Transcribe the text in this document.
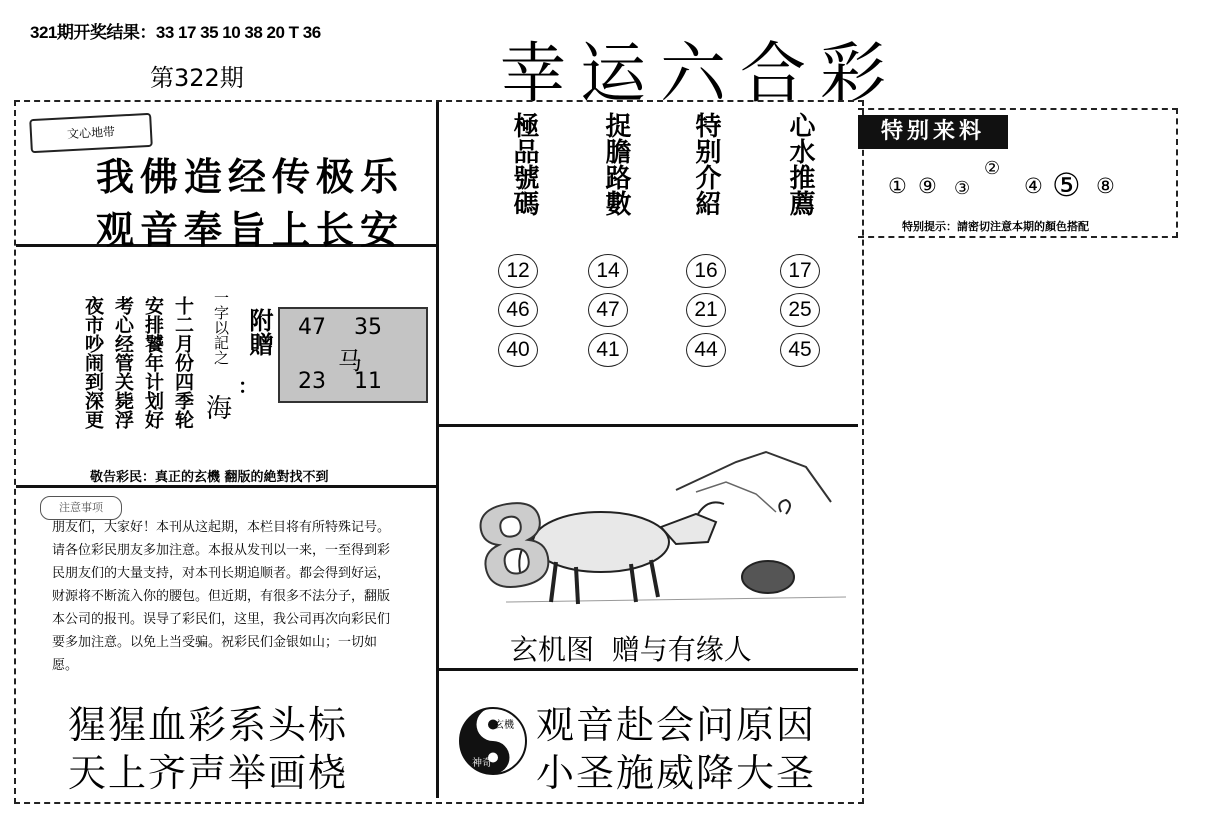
321期开奖结果：33 17 35 10 38 20 T 36
第322期	幸运六合彩
文心地带
我佛造经传极乐
观音奉旨上长安
夜市吵闹到深更 考心经管关毙浮 安排饕年计划好 十二月份四季轮 一字以記之
海
附贈
：
47    35
马
23    11
敬告彩民：真正的玄機 翻版的絶對找不到
注意事项
朋友们，大家好！本刊从这起期，本栏目将有所特殊记号。请各位彩民朋友多加注意。本报从发刊以一来，一至得到彩民朋友们的大量支持，对本刊长期追顺者。都会得到好运，财源将不断流入你的腰包。但近期，有很多不法分子，翻版本公司的报刊。误导了彩民们，这里，我公司再次向彩民们要多加注意。以免上当受骗。祝彩民们金银如山；一切如愿。
猩猩血彩系头标
天上齐声举画桡
極品號碼	捉膽路數	特别介紹	心水推薦
12	14	16	17
46	47	21	25
40	41	44	45
8
玄机图  赠与有缘人
玄機
神奇
观音赴会问原因
小圣施威降大圣
特别来料
① ⑨ ③
②
④ ⑤ ⑧
特别提示：請密切注意本期的顏色搭配
